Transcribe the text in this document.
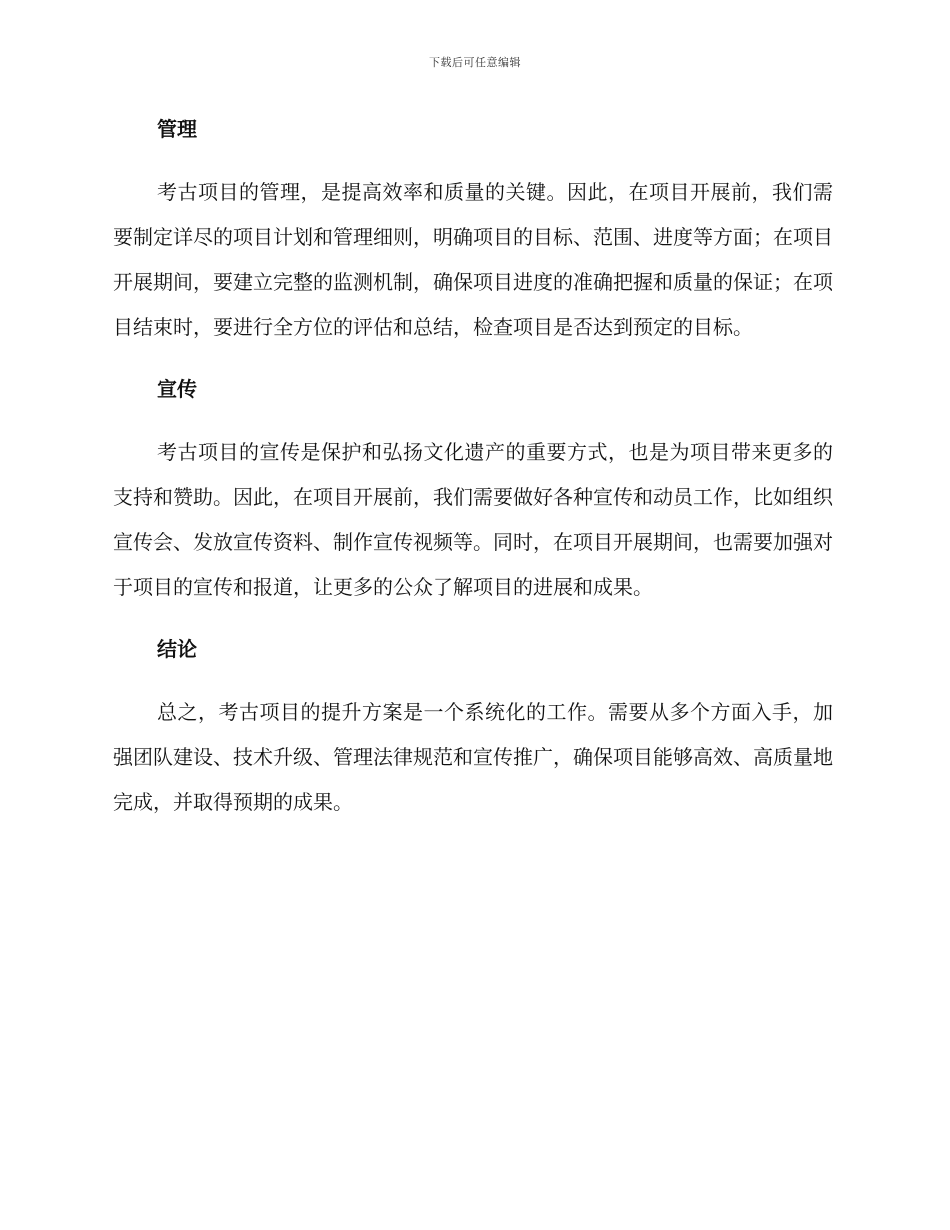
下载后可任意编辑
管理

考古项目的管理，是提高效率和质量的关键。因此，在项目开展前，我们需要制定详尽的项目计划和管理细则，明确项目的目标、范围、进度等方面；在项目开展期间，要建立完整的监测机制，确保项目进度的准确把握和质量的保证；在项目结束时，要进行全方位的评估和总结，检查项目是否达到预定的目标。

宣传

考古项目的宣传是保护和弘扬文化遗产的重要方式，也是为项目带来更多的支持和赞助。因此，在项目开展前，我们需要做好各种宣传和动员工作，比如组织宣传会、发放宣传资料、制作宣传视频等。同时，在项目开展期间，也需要加强对于项目的宣传和报道，让更多的公众了解项目的进展和成果。

结论

总之，考古项目的提升方案是一个系统化的工作。需要从多个方面入手，加强团队建设、技术升级、管理法律规范和宣传推广，确保项目能够高效、高质量地完成，并取得预期的成果。
